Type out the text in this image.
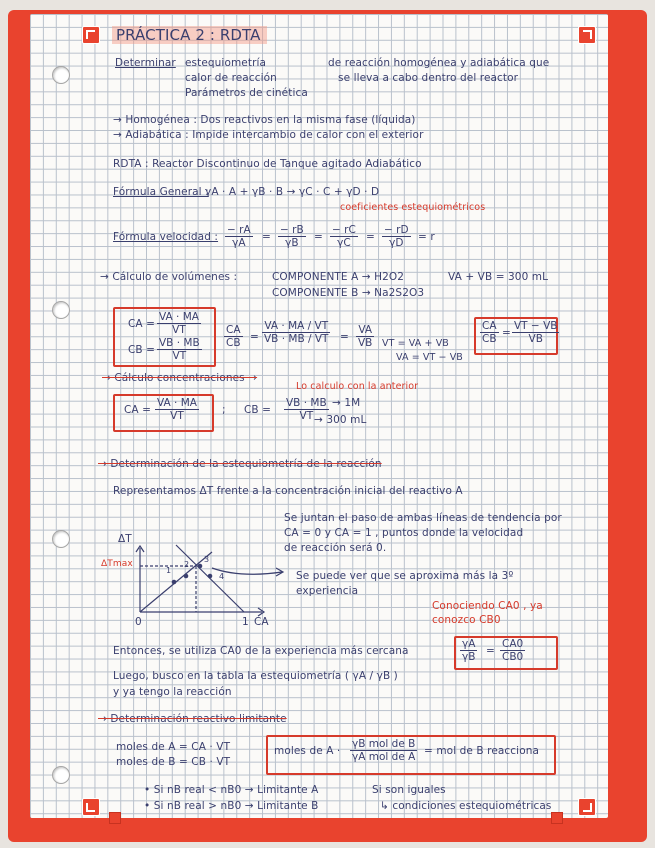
PRÁCTICA 2 : RDTA
Determinar estequiometría
calor de reacción
Parámetros de cinética
de reacción homogénea y adiabática que
se lleva a cabo dentro del reactor
→ Homogénea : Dos reactivos en la misma fase (líquida)
→ Adiabática : Impide intercambio de calor con el exterior
RDTA : Reactor Discontinuo de Tanque agitado Adiabático
Fórmula General :
γA · A + γB · B → γC · C + γD · D
coeficientes estequiométricos
Fórmula velocidad : $\frac{- rA}{\gamma A} = \frac{- rB}{\gamma B} = \frac{- rC}{\gamma C} = \frac{- rD}{\gamma D} = r$
→ Cálculo de volúmenes :	COMPONENTE A → H2O2
COMPONENTE B → Na2S2O3
VA + VB = 300 mL
CA = $\frac{VA \cdot MA}{VT}$
CB = $\frac{VB \cdot MB}{VT}$
$\frac{CA}{CB} = \frac{VA \cdot MA / VT}{VB \cdot MB / VT} = \frac{VA}{VB}$ VT = VA + VB
VA = VT − VB
$\frac{CA}{CB} = \frac{VT - VB}{VB}$
→ Cálculo concentraciones →
Lo calculo con la anterior
CA = $\frac{VA \cdot MA}{VT}$ ; CB = $\frac{VB \cdot MB}{VT} \to 1M$
→ 300 mL
→ Determinación de la estequiometría de la reacción
Representamos ΔT frente a la concentración inicial del reactivo A
Se juntan el paso de ambas líneas de tendencia por
CA = 0 y CA = 1 , puntos donde la velocidad
de reacción será 0.
Se puede ver que se aproxima más la 3º
experiencia
Conociendo CA0 , ya
conozco CB0
ΔT
ΔTmax
0	1 CA
1
2
3
4
Entonces, se utiliza CA0 de la experiencia más cercana	$\frac{\gamma A}{\gamma B} = \frac{CA0}{CB0}$
Luego, busco en la tabla la estequiometría ( γA / γB )
y ya tengo la reacción
→ Determinación reactivo limitante
moles de A = CA · VT
moles de B = CB · VT
moles de A ·
γB mol de B
γA mol de A = mol de B reacciona
• Si nB real < nB0 → Limitante A
• Si nB real > nB0 → Limitante B
Si son iguales
↳ condiciones estequiométricas
